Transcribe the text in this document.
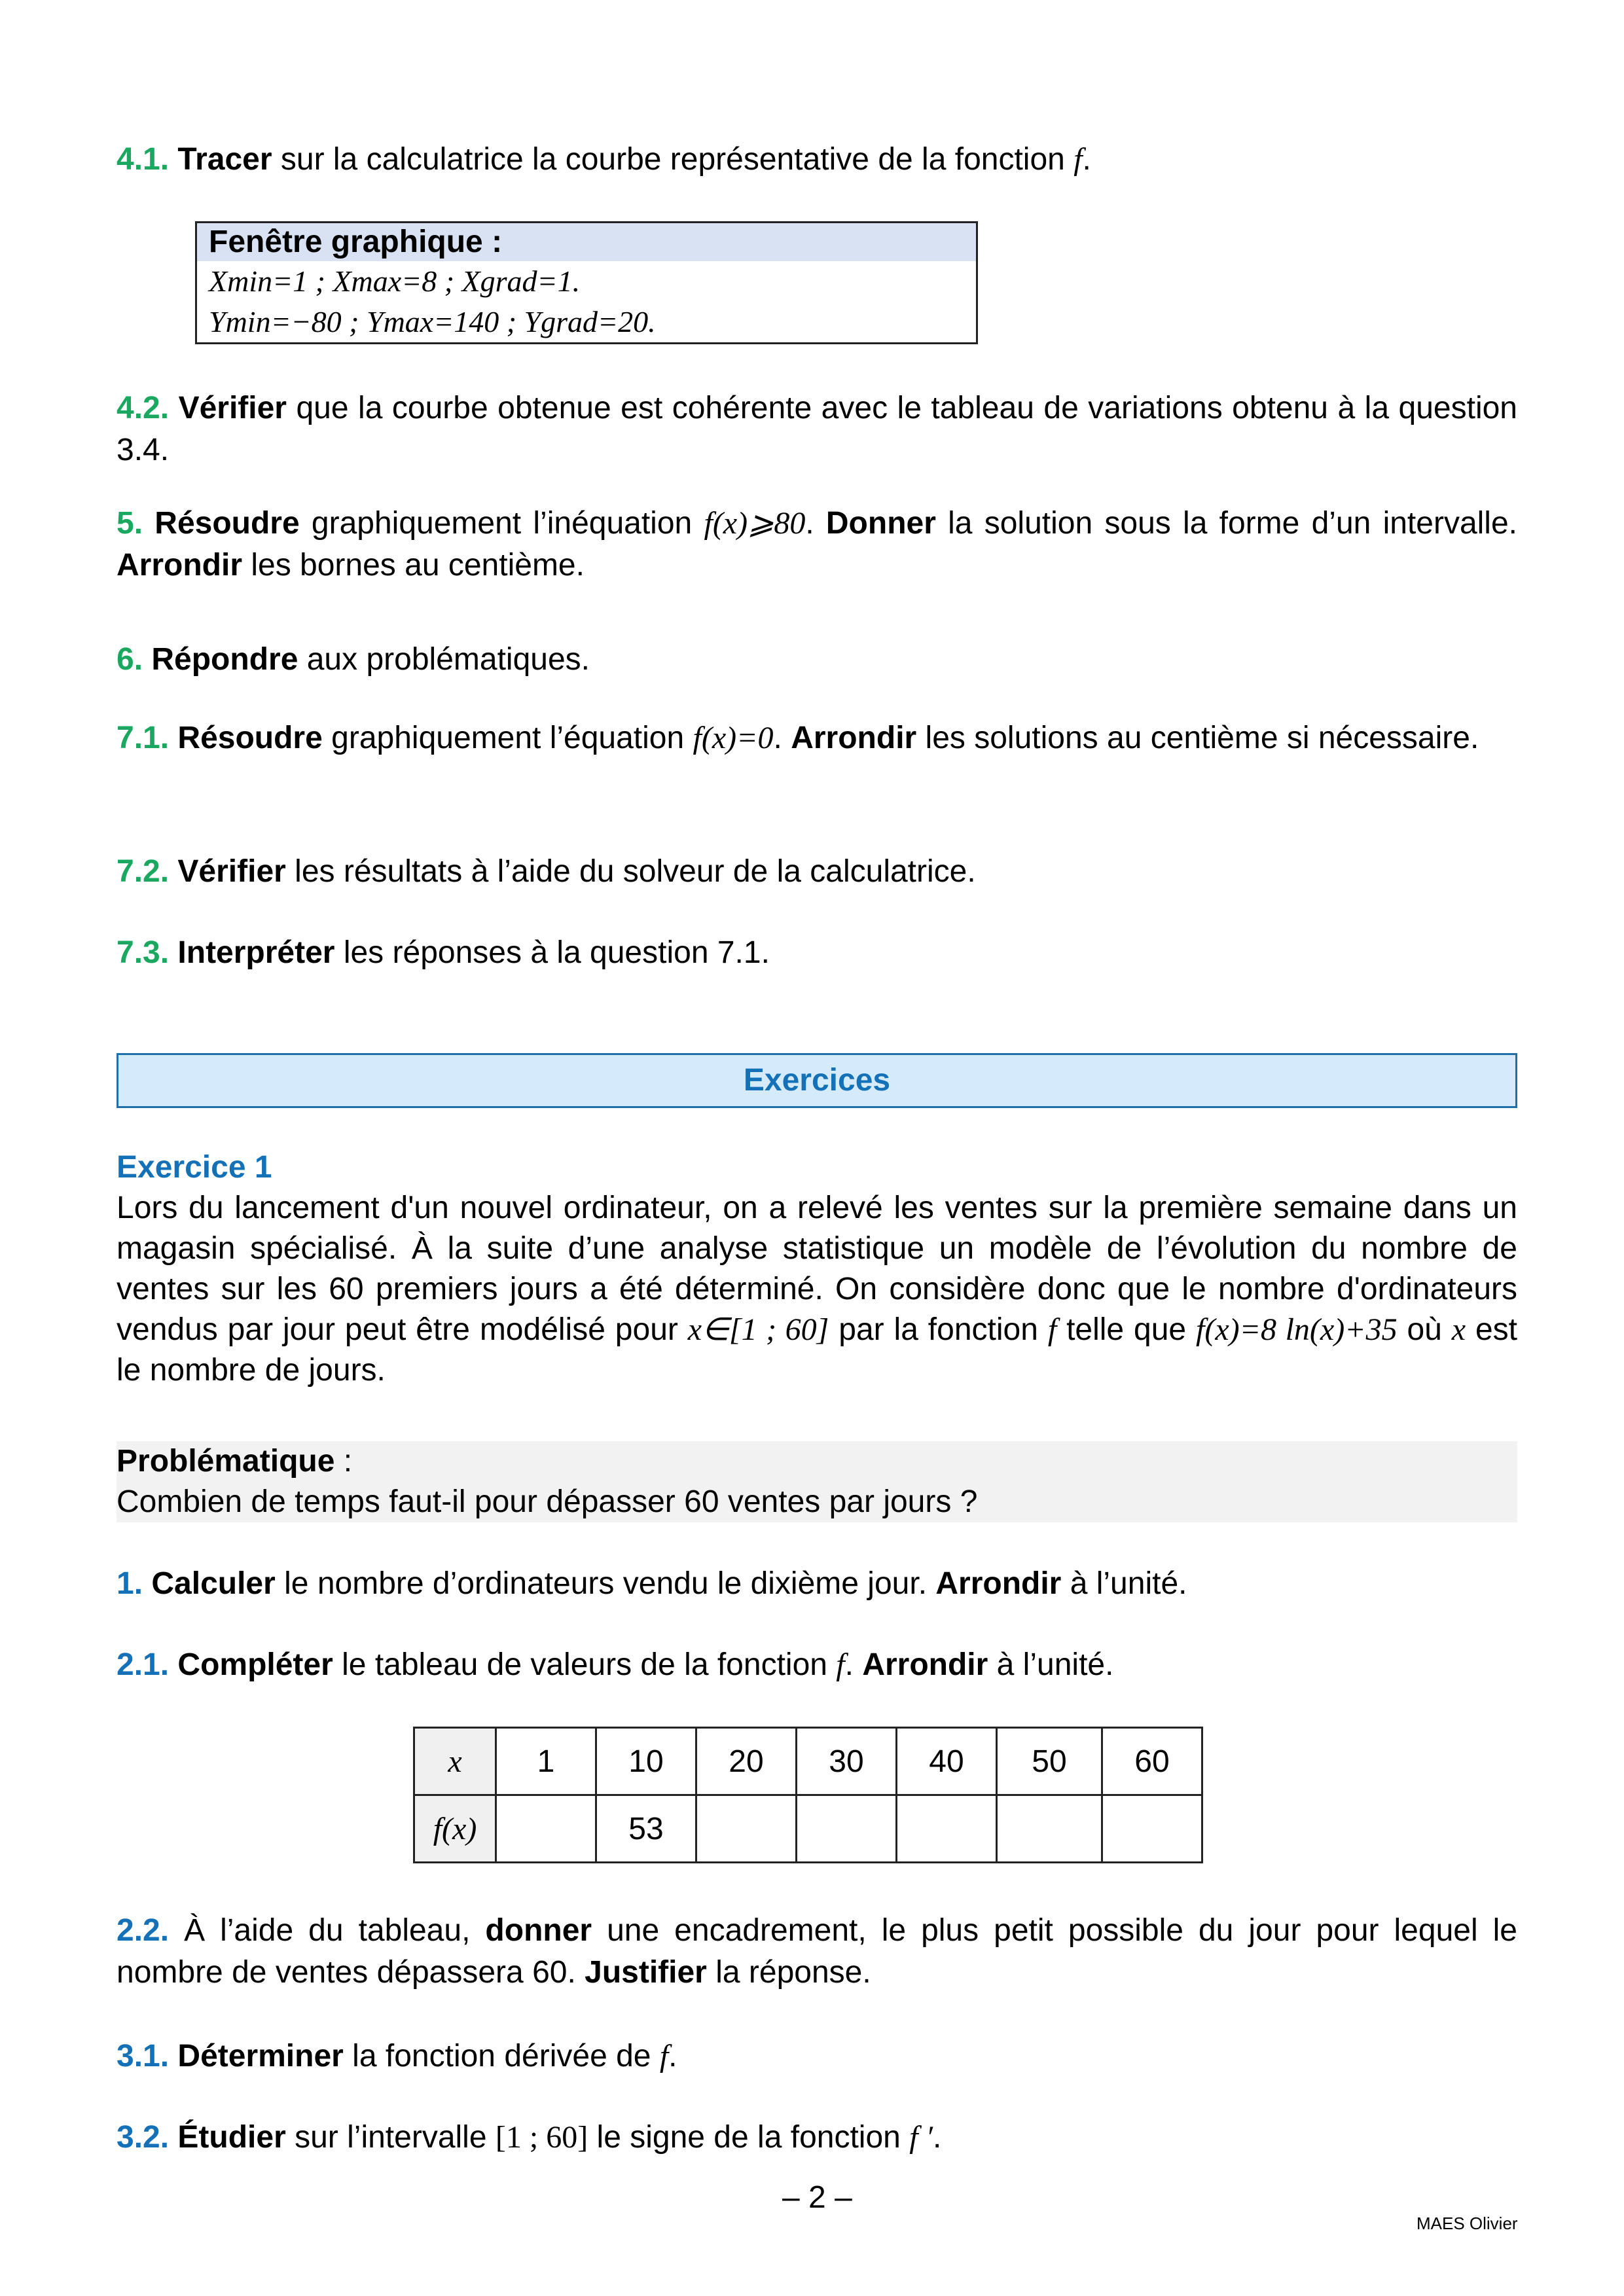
4.1. Tracer sur la calculatrice la courbe représentative de la fonction f.
Fenêtre graphique :
Xmin=1 ; Xmax=8 ; Xgrad=1.
Ymin=−80 ; Ymax=140 ; Ygrad=20.
4.2. Vérifier que la courbe obtenue est cohérente avec le tableau de variations obtenu à la question 3.4.
5. Résoudre graphiquement l’inéquation f(x)⩾80. Donner la solution sous la forme d’un intervalle. Arrondir les bornes au centième.
6. Répondre aux problématiques.
7.1. Résoudre graphiquement l’équation f(x)=0. Arrondir les solutions au centième si nécessaire.
7.2. Vérifier les résultats à l’aide du solveur de la calculatrice.
7.3. Interpréter les réponses à la question 7.1.
Exercices
Exercice 1
Lors du lancement d'un nouvel ordinateur, on a relevé les ventes sur la première semaine dans un magasin spécialisé. À la suite d’une analyse statistique un modèle de l’évolution du nombre de ventes sur les 60 premiers jours a été déterminé. On considère donc que le nombre d'ordinateurs vendus par jour peut être modélisé pour x∈[1 ; 60] par la fonction f telle que f(x)=8 ln(x)+35 où x est le nombre de jours.
Problématique :
Combien de temps faut-il pour dépasser 60 ventes par jours ?
1. Calculer le nombre d’ordinateurs vendu le dixième jour. Arrondir à l’unité.
2.1. Compléter le tableau de valeurs de la fonction f. Arrondir à l’unité.
x	1	10	20	30	40	50	60
f(x)		53					
2.2. À l’aide du tableau, donner une encadrement, le plus petit possible du jour pour lequel le nombre de ventes dépassera 60. Justifier la réponse.
3.1. Déterminer la fonction dérivée de f.
3.2. Étudier sur l’intervalle [1 ; 60] le signe de la fonction f ′.
– 2 –
MAES Olivier
